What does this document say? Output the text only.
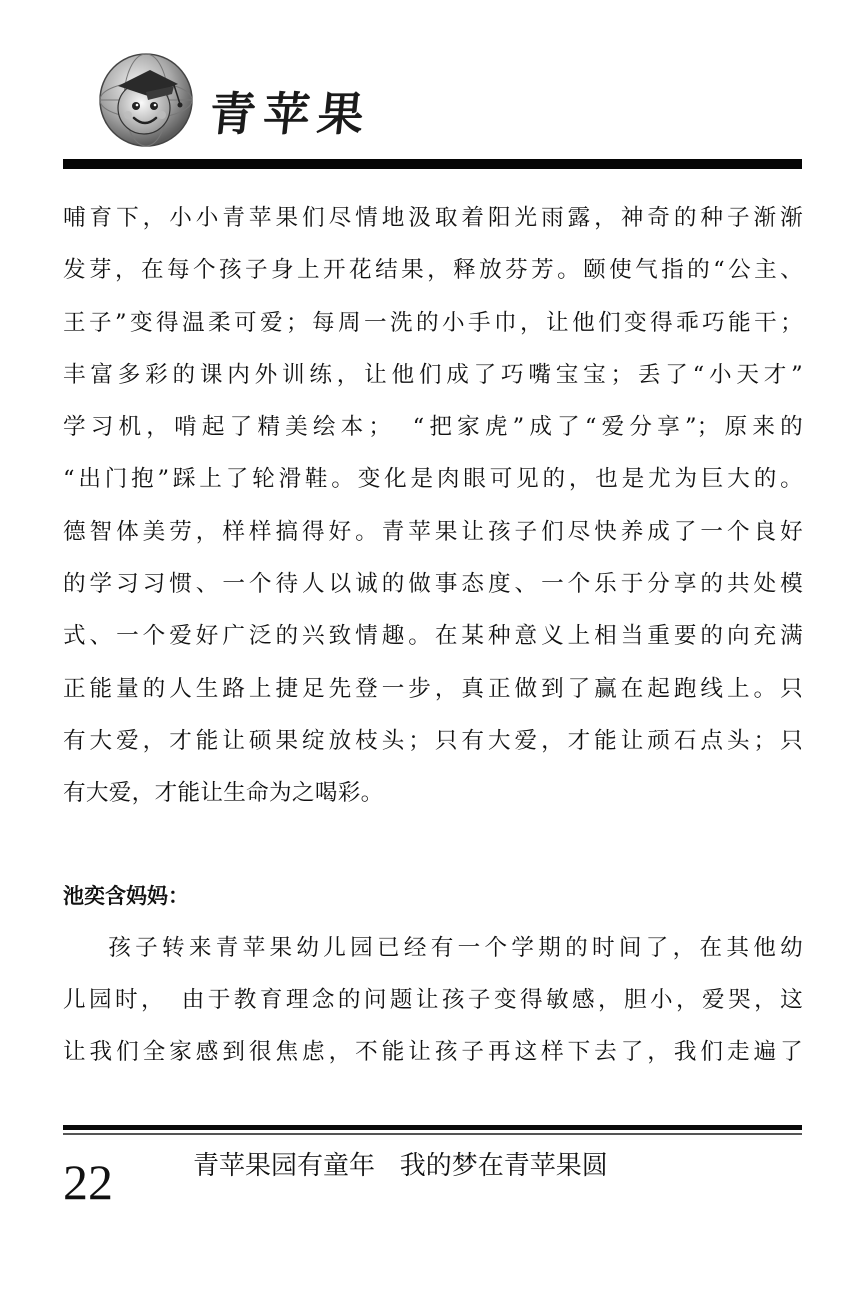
青苹果
哺育下，小小青苹果们尽情地汲取着阳光雨露，神奇的种子渐渐
发芽，在每个孩子身上开花结果，释放芬芳。颐使气指的“公主、
王子”变得温柔可爱；每周一洗的小手巾，让他们变得乖巧能干；
丰富多彩的课内外训练，让他们成了巧嘴宝宝；丢了“小天才”
学习机，啃起了精美绘本；　“把家虎”成了“爱分享”；原来的
“出门抱”踩上了轮滑鞋。变化是肉眼可见的，也是尤为巨大的。
德智体美劳，样样搞得好。青苹果让孩子们尽快养成了一个良好
的学习习惯、一个待人以诚的做事态度、一个乐于分享的共处模
式、一个爱好广泛的兴致情趣。在某种意义上相当重要的向充满
正能量的人生路上捷足先登一步，真正做到了赢在起跑线上。只
有大爱，才能让硕果绽放枝头；只有大爱，才能让顽石点头；只
有大爱，才能让生命为之喝彩。
池奕含妈妈：
孩子转来青苹果幼儿园已经有一个学期的时间了，在其他幼
儿园时，　由于教育理念的问题让孩子变得敏感，胆小，爱哭，这
让我们全家感到很焦虑，不能让孩子再这样下去了，我们走遍了
22	青苹果园有童年   我的梦在青苹果圆
